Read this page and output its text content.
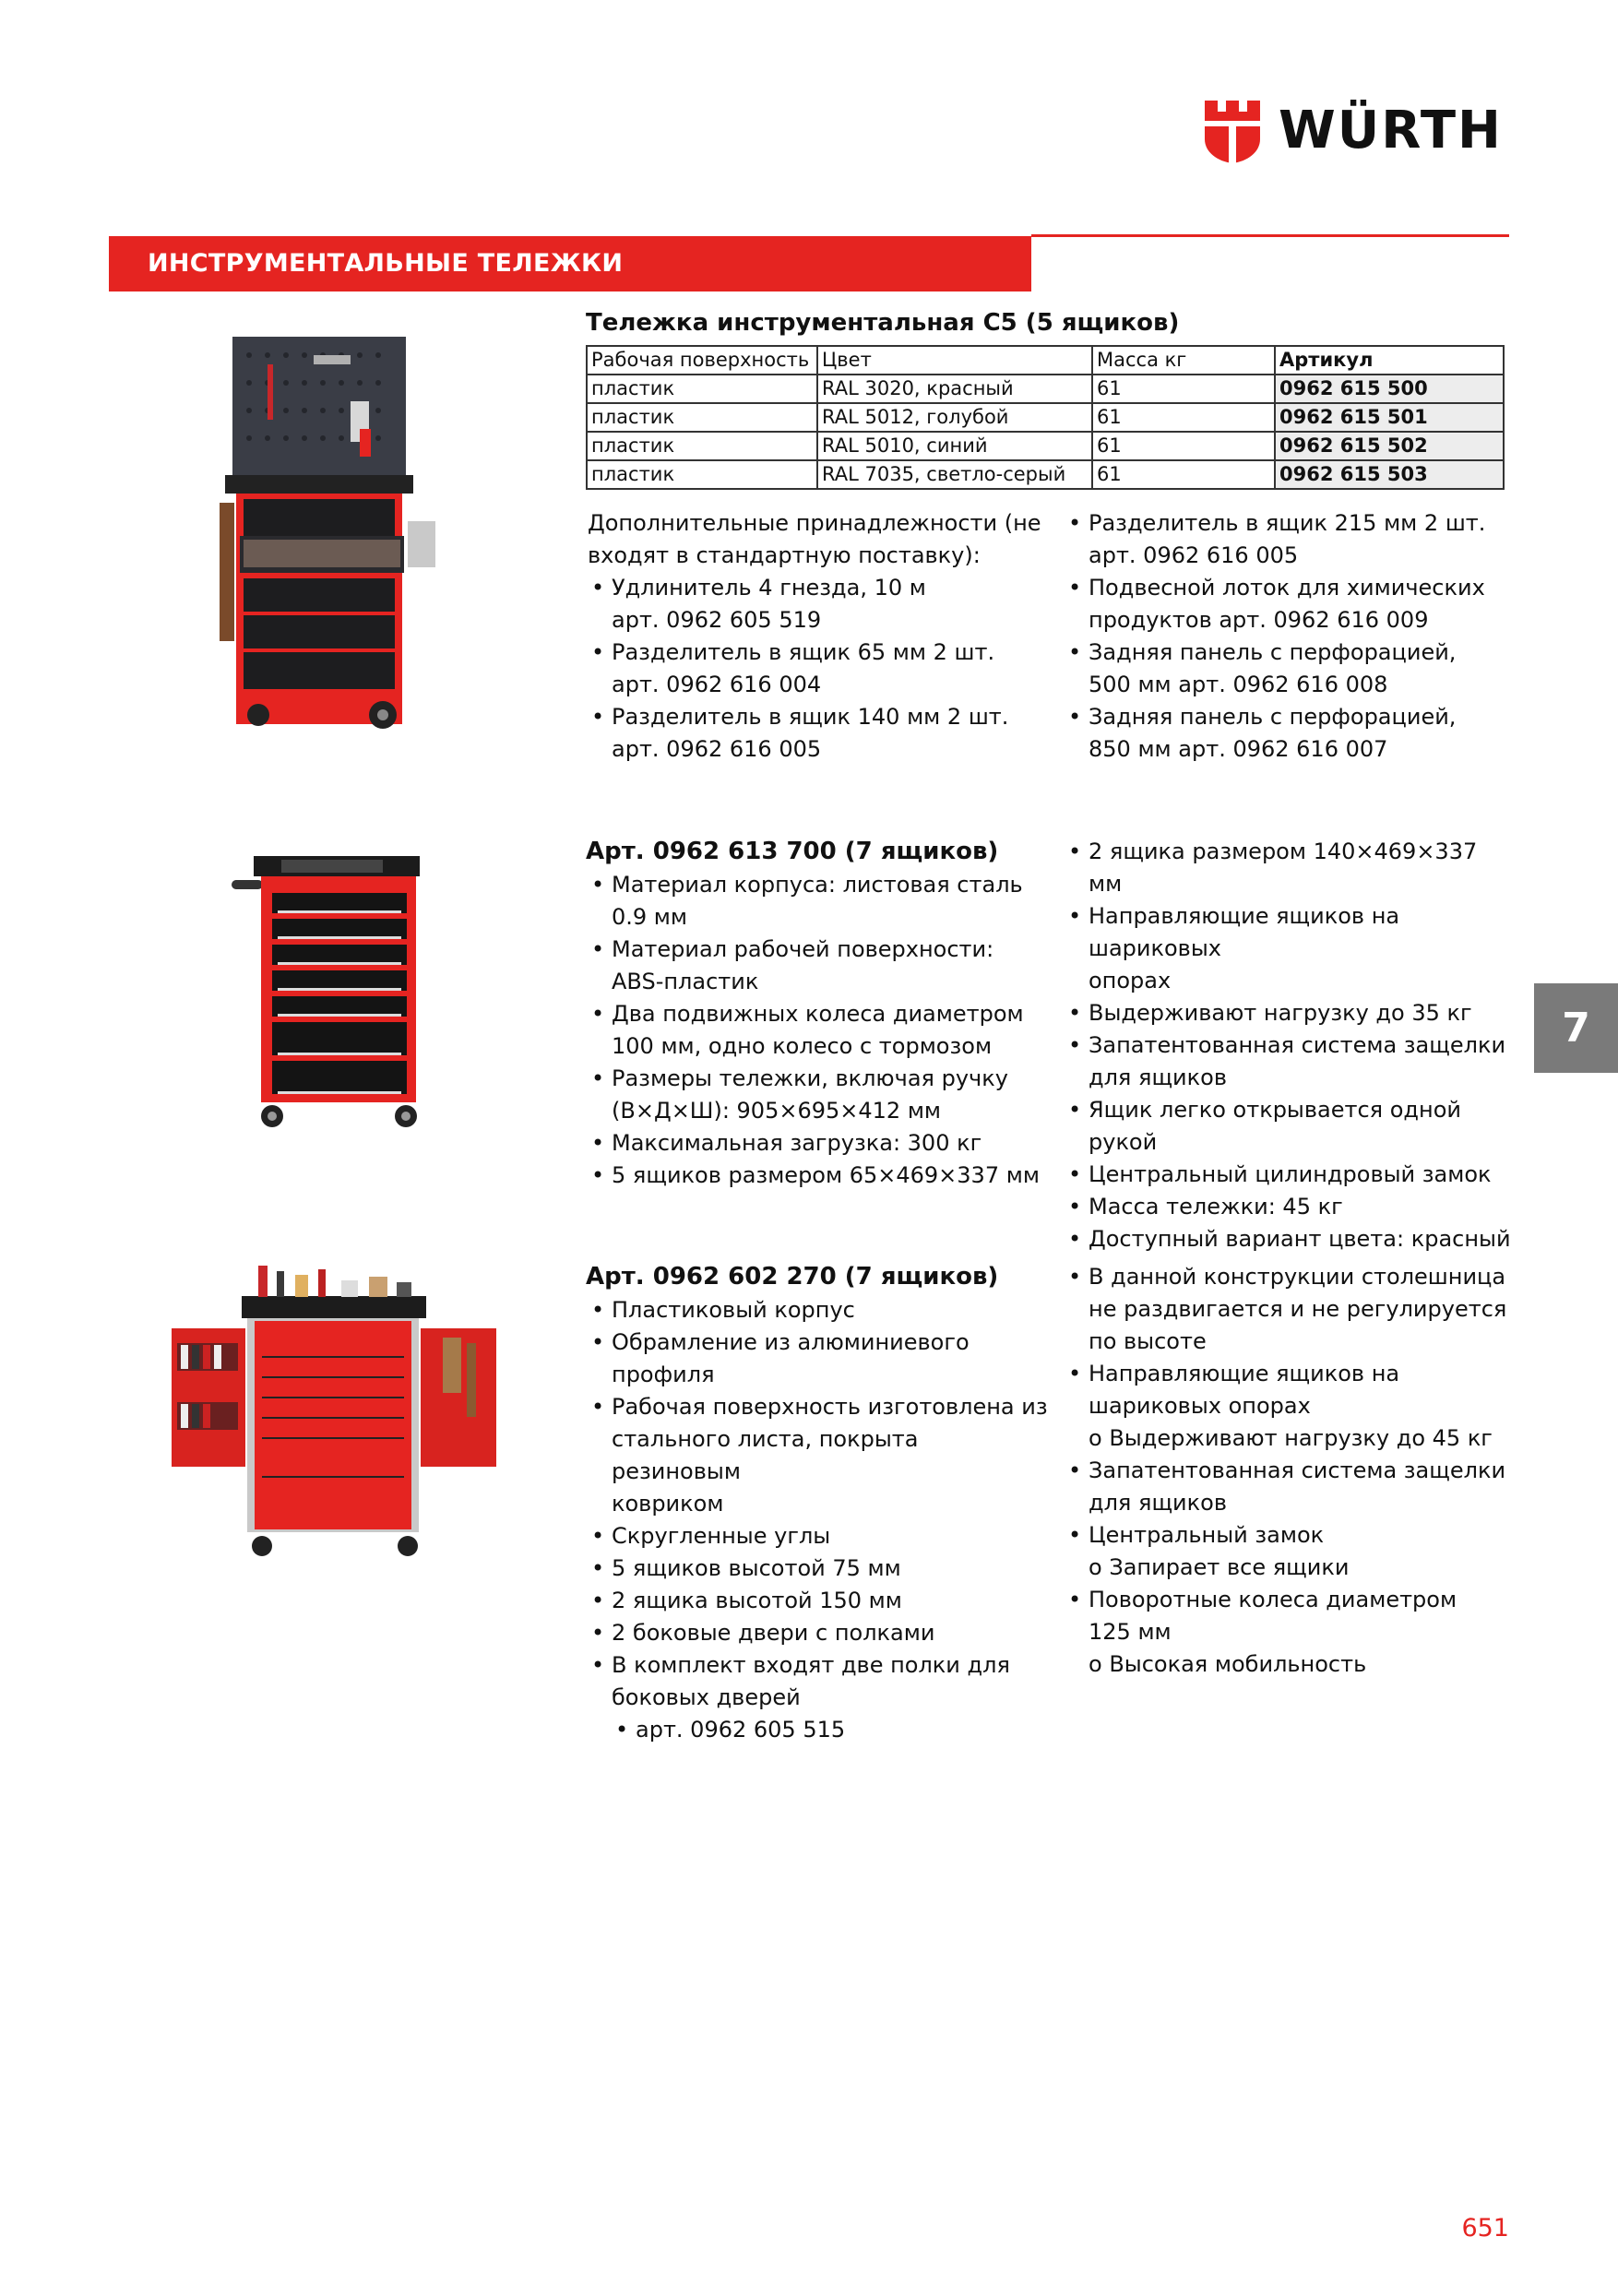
WÜRTH
ИНСТРУМЕНТАЛЬНЫЕ ТЕЛЕЖКИ
7
Тележка инструментальная C5 (5 ящиков)
Рабочая поверхность	Цвет	Масса кг	Артикул
пластик	RAL 3020, красный	61	0962 615 500
пластик	RAL 5012, голубой	61	0962 615 501
пластик	RAL 5010, синий	61	0962 615 502
пластик	RAL 7035, светло-серый	61	0962 615 503
Дополнительные принадлежности (не
входят в стандартную поставку):
• Удлинитель 4 гнезда, 10 м
арт. 0962 605 519
• Разделитель в ящик 65 мм 2 шт.
арт. 0962 616 004
• Разделитель в ящик 140 мм 2 шт.
арт. 0962 616 005
• Разделитель в ящик 215 мм 2 шт.
арт. 0962 616 005
• Подвесной лоток для химических
продуктов арт. 0962 616 009
• Задняя панель с перфорацией,
500 мм арт. 0962 616 008
• Задняя панель с перфорацией,
850 мм арт. 0962 616 007
Арт. 0962 613 700 (7 ящиков)
• Материал корпуса: листовая сталь
0.9 мм
• Материал рабочей поверхности:
ABS-пластик
• Два подвижных колеса диаметром
100 мм, одно колесо с тормозом
• Размеры тележки, включая ручку
(В×Д×Ш): 905×695×412 мм
• Максимальная загрузка: 300 кг
• 5 ящиков размером 65×469×337 мм
• 2 ящика размером 140×469×337 мм
• Направляющие ящиков на шариковых
опорах
• Выдерживают нагрузку до 35 кг
• Запатентованная система защелки
для ящиков
• Ящик легко открывается одной рукой
• Центральный цилиндровый замок
• Масса тележки: 45 кг
• Доступный вариант цвета: красный
Арт. 0962 602 270 (7 ящиков)
• Пластиковый корпус
• Обрамление из алюминиевого
профиля
• Рабочая поверхность изготовлена из
стального листа, покрыта резиновым
ковриком
• Скругленные углы
• 5 ящиков высотой 75 мм
• 2 ящика высотой 150 мм
• 2 боковые двери с полками
• В комплект входят две полки для
боковых дверей
• арт. 0962 605 515
• В данной конструкции столешница
не раздвигается и не регулируется
по высоте
• Направляющие ящиков на
шариковых опорах
o Выдерживают нагрузку до 45 кг
• Запатентованная система защелки
для ящиков
• Центральный замок
o Запирает все ящики
• Поворотные колеса диаметром
125 мм
o Высокая мобильность
651
